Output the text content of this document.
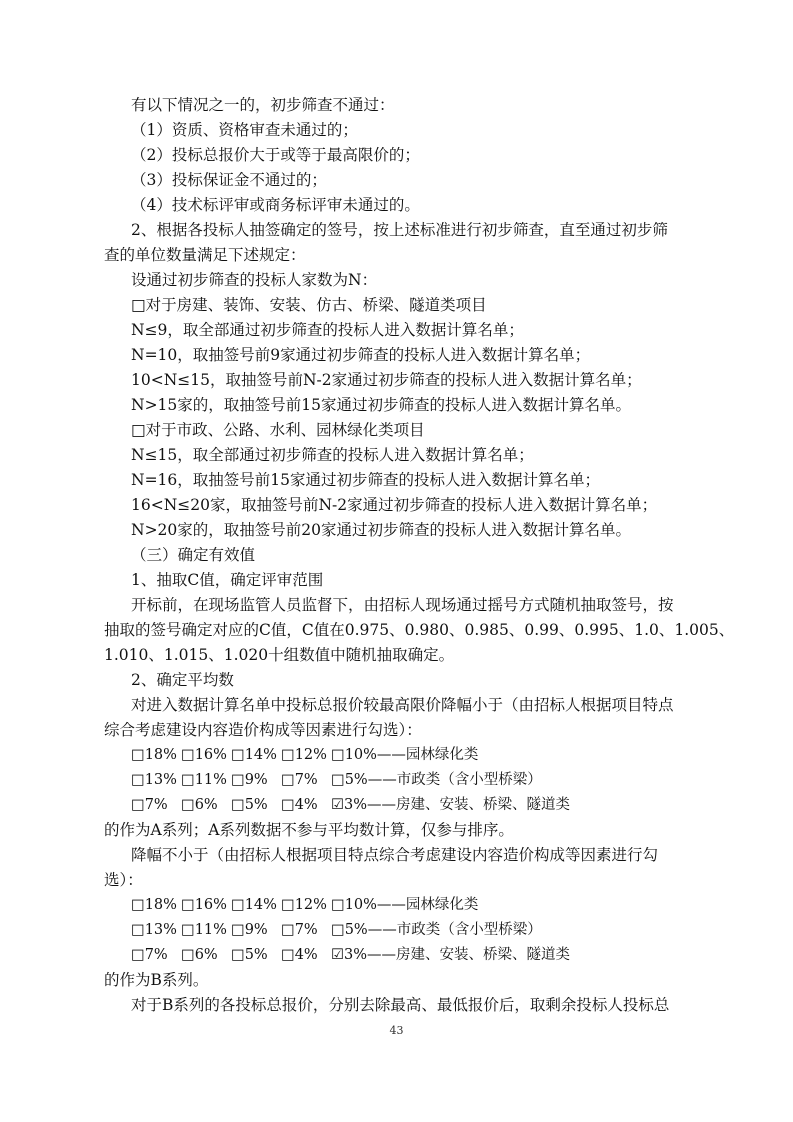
有以下情况之一的，初步筛查不通过：
（1）资质、资格审查未通过的；
（2）投标总报价大于或等于最高限价的；
（3）投标保证金不通过的；
（4）技术标评审或商务标评审未通过的。
2、根据各投标人抽签确定的签号，按上述标准进行初步筛查，直至通过初步筛
查的单位数量满足下述规定：
设通过初步筛查的投标人家数为N：
□对于房建、装饰、安装、仿古、桥梁、隧道类项目
N≤9，取全部通过初步筛查的投标人进入数据计算名单；
N=10，取抽签号前9家通过初步筛查的投标人进入数据计算名单；
10<N≤15，取抽签号前N-2家通过初步筛查的投标人进入数据计算名单；
N>15家的，取抽签号前15家通过初步筛查的投标人进入数据计算名单。
□对于市政、公路、水利、园林绿化类项目
N≤15，取全部通过初步筛查的投标人进入数据计算名单；
N=16，取抽签号前15家通过初步筛查的投标人进入数据计算名单；
16<N≤20家，取抽签号前N-2家通过初步筛查的投标人进入数据计算名单；
N>20家的，取抽签号前20家通过初步筛查的投标人进入数据计算名单。
（三）确定有效值
1、抽取C值，确定评审范围
开标前，在现场监管人员监督下，由招标人现场通过摇号方式随机抽取签号，按
抽取的签号确定对应的C值，C值在0.975、0.980、0.985、0.99、0.995、1.0、1.005、
1.010、1.015、1.020十组数值中随机抽取确定。
2、确定平均数
对进入数据计算名单中投标总报价较最高限价降幅小于（由招标人根据项目特点
综合考虑建设内容造价构成等因素进行勾选）：
□18% □16% □14% □12% □10%——园林绿化类
□13% □11% □9% □7% □5%——市政类（含小型桥梁）
□7% □6% □5% □4% ☑3%——房建、安装、桥梁、隧道类
的作为A系列；A系列数据不参与平均数计算，仅参与排序。
降幅不小于（由招标人根据项目特点综合考虑建设内容造价构成等因素进行勾
选）：
□18% □16% □14% □12% □10%——园林绿化类
□13% □11% □9% □7% □5%——市政类（含小型桥梁）
□7% □6% □5% □4% ☑3%——房建、安装、桥梁、隧道类
的作为B系列。
对于B系列的各投标总报价，分别去除最高、最低报价后，取剩余投标人投标总
43
